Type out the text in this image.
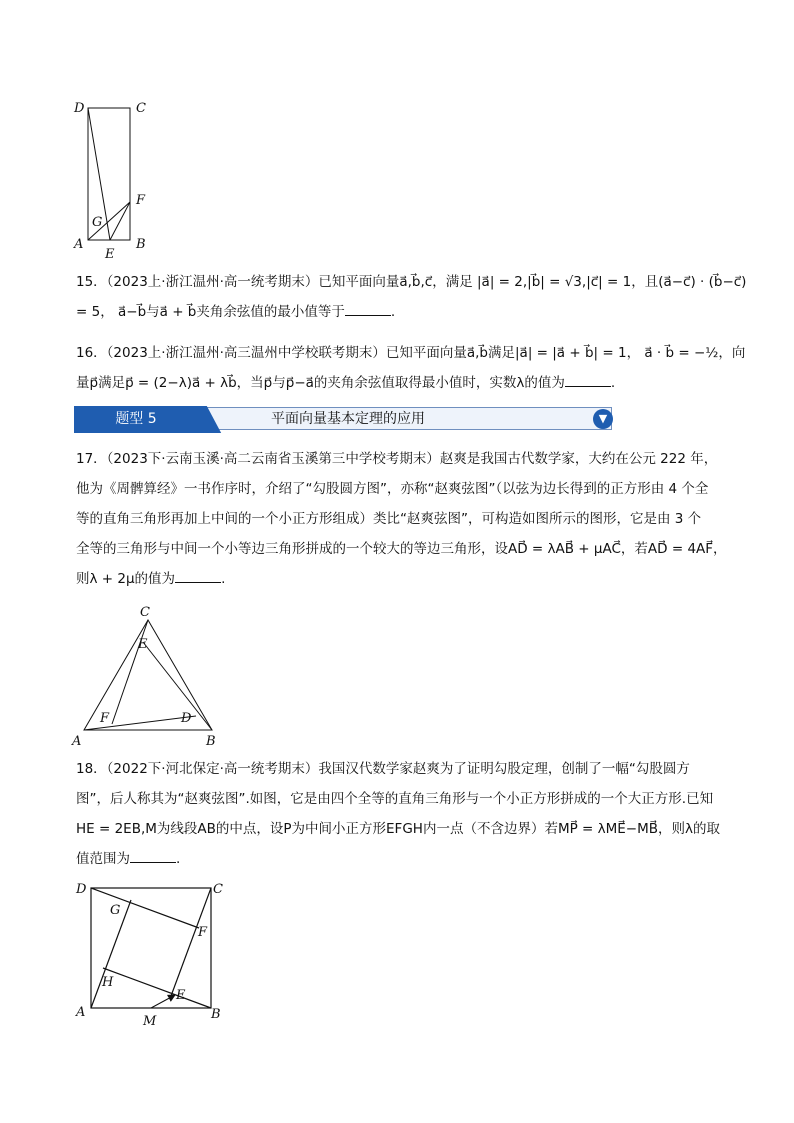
D	C
F
G
A
E
B

15．（2023上·浙江温州·高一统考期末）已知平面向量a⃗,b⃗,c⃗，满足 |a⃗| = 2,|b⃗| = √3,|c⃗| = 1，且(a⃗−c⃗) · (b⃗−c⃗)
= 5， a⃗−b⃗与a⃗ + b⃗夹角余弦值的最小值等于	.

16．（2023上·浙江温州·高三温州中学校联考期末）已知平面向量a⃗,b⃗满足|a⃗| = |a⃗ + b⃗| = 1， a⃗ · b⃗ = −½，向
量p⃗满足p⃗ = (2−λ)a⃗ + λb⃗，当p⃗与p⃗−a⃗的夹角余弦值取得最小值时，实数λ的值为	.

平面向量基本定理的应用
题型 5	▼

17．（2023下·云南玉溪·高二云南省玉溪第三中学校考期末）赵爽是我国古代数学家，大约在公元 222 年，
他为《周髀算经》一书作序时，介绍了“勾股圆方图”，亦称“赵爽弦图”（以弦为边长得到的正方形由 4 个全
等的直角三角形再加上中间的一个小正方形组成）类比“赵爽弦图”，可构造如图所示的图形，它是由 3 个
全等的三角形与中间一个小等边三角形拼成的一个较大的等边三角形，设AD⃗ = λAB⃗ + μAC⃗，若AD⃗ = 4AF⃗，
则λ + 2μ的值为	.

C
E
F	D
A	B

18．（2022下·河北保定·高一统考期末）我国汉代数学家赵爽为了证明勾股定理，创制了一幅“勾股圆方
图”，后人称其为“赵爽弦图”.如图，它是由四个全等的直角三角形与一个小正方形拼成的一个大正方形.已知
HE = 2EB,M为线段AB的中点，设P为中间小正方形EFGH内一点（不含边界）若MP⃗ = λME⃗−MB⃗，则λ的取
值范围为	.

D	C
G
F
H
E
A
M	B
